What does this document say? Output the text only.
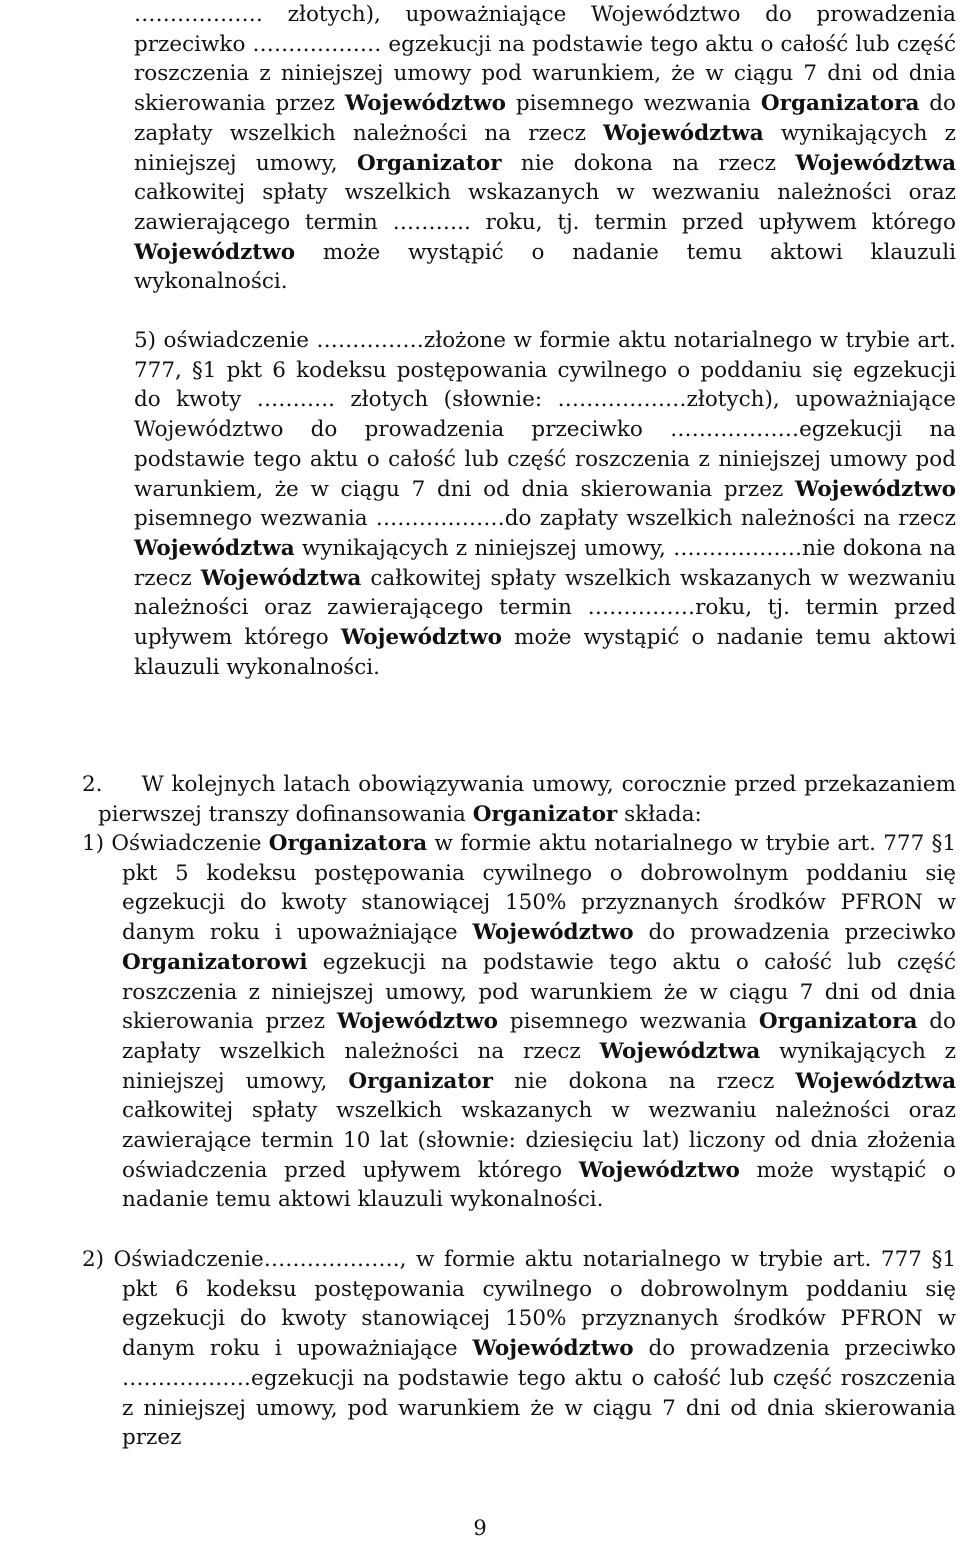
……………… złotych), upoważniające Województwo do prowadzenia przeciwko ……………… egzekucji na podstawie tego aktu o całość lub część roszczenia z niniejszej umowy pod warunkiem, że w ciągu 7 dni od dnia skierowania przez Województwo pisemnego wezwania Organizatora do zapłaty wszelkich należności na rzecz Województwa wynikających z niniejszej umowy, Organizator nie dokona na rzecz Województwa całkowitej spłaty wszelkich wskazanych w wezwaniu należności oraz zawierającego termin ……….. roku, tj. termin przed upływem którego Województwo może wystąpić o nadanie temu aktowi klauzuli wykonalności.

5) oświadczenie ……………złożone w formie aktu notarialnego w trybie art. 777, §1 pkt 6 kodeksu postępowania cywilnego o poddaniu się egzekucji do kwoty ……….. złotych (słownie: ………………złotych), upoważniające Województwo do prowadzenia przeciwko ………………egzekucji na podstawie tego aktu o całość lub część roszczenia z niniejszej umowy pod warunkiem, że w ciągu 7 dni od dnia skierowania przez Województwo pisemnego wezwania ………………do zapłaty wszelkich należności na rzecz Województwa wynikających z niniejszej umowy, ………………nie dokona na rzecz Województwa całkowitej spłaty wszelkich wskazanych w wezwaniu należności oraz zawierającego termin ……………roku, tj. termin przed upływem którego Województwo może wystąpić o nadanie temu aktowi klauzuli wykonalności.

2.     W kolejnych latach obowiązywania umowy, corocznie przed przekazaniem pierwszej transzy dofinansowania Organizator składa:

1) Oświadczenie Organizatora w formie aktu notarialnego w trybie art. 777 §1 pkt 5 kodeksu postępowania cywilnego o dobrowolnym poddaniu się egzekucji do kwoty stanowiącej 150% przyznanych środków PFRON w danym roku i upoważniające Województwo do prowadzenia przeciwko Organizatorowi egzekucji na podstawie tego aktu o całość lub część roszczenia z niniejszej umowy, pod warunkiem że w ciągu 7 dni od dnia skierowania przez Województwo pisemnego wezwania Organizatora do zapłaty wszelkich należności na rzecz Województwa wynikających z niniejszej umowy, Organizator nie dokona na rzecz Województwa całkowitej spłaty wszelkich wskazanych w wezwaniu należności oraz zawierające termin 10 lat (słownie: dziesięciu lat) liczony od dnia złożenia oświadczenia przed upływem którego Województwo może wystąpić o nadanie temu aktowi klauzuli wykonalności.

2) Oświadczenie………………., w formie aktu notarialnego w trybie art. 777 §1 pkt 6 kodeksu postępowania cywilnego o dobrowolnym poddaniu się egzekucji do kwoty stanowiącej 150% przyznanych środków PFRON w danym roku i upoważniające Województwo do prowadzenia przeciwko ………………egzekucji na podstawie tego aktu o całość lub część roszczenia z niniejszej umowy, pod warunkiem że w ciągu 7 dni od dnia skierowania przez

9
